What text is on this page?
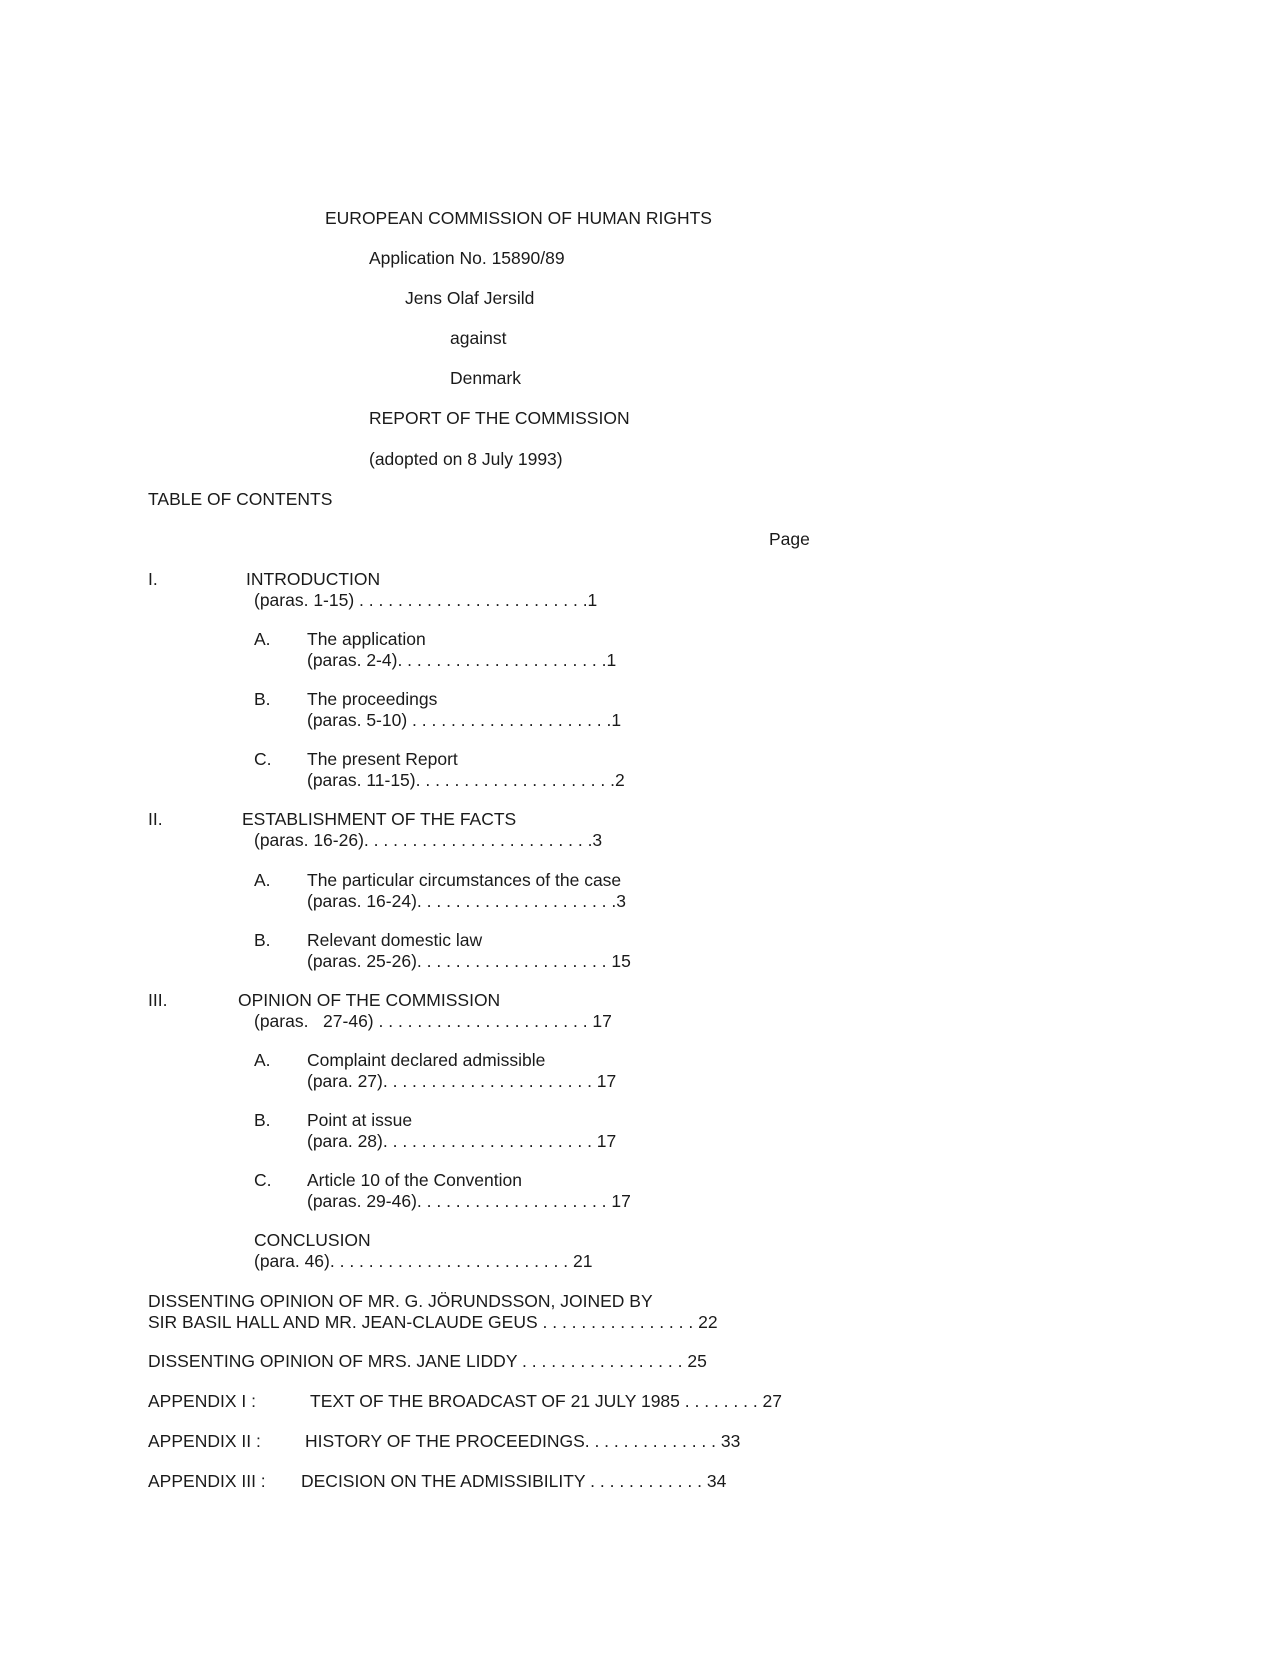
EUROPEAN COMMISSION OF HUMAN RIGHTS
Application No. 15890/89
Jens Olaf Jersild
against
Denmark
REPORT OF THE COMMISSION
(adopted on 8 July 1993)
TABLE OF CONTENTS
Page
I.	INTRODUCTION
(paras. 1-15) . . . . . . . . . . . . . . . . . . . . . . . .1
A. The application
(paras. 2-4). . . . . . . . . . . . . . . . . . . . . .1
B. The proceedings
(paras. 5-10) . . . . . . . . . . . . . . . . . . . . .1
C. The present Report
(paras. 11-15). . . . . . . . . . . . . . . . . . . . .2
II.	ESTABLISHMENT OF THE FACTS
(paras. 16-26). . . . . . . . . . . . . . . . . . . . . . . .3
A. The particular circumstances of the case
(paras. 16-24). . . . . . . . . . . . . . . . . . . . .3
B. Relevant domestic law
(paras. 25-26). . . . . . . . . . . . . . . . . . . . 15
III.	OPINION OF THE COMMISSION
(paras.   27-46) . . . . . . . . . . . . . . . . . . . . . . 17
A. Complaint declared admissible
(para. 27). . . . . . . . . . . . . . . . . . . . . . 17
B. Point at issue
(para. 28). . . . . . . . . . . . . . . . . . . . . . 17
C. Article 10 of the Convention
(paras. 29-46). . . . . . . . . . . . . . . . . . . . 17
CONCLUSION
(para. 46). . . . . . . . . . . . . . . . . . . . . . . . . 21
DISSENTING OPINION OF MR. G. JÖRUNDSSON, JOINED BY
SIR BASIL HALL AND MR. JEAN-CLAUDE GEUS . . . . . . . . . . . . . . . . 22
DISSENTING OPINION OF MRS. JANE LIDDY . . . . . . . . . . . . . . . . . 25
APPENDIX I :	TEXT OF THE BROADCAST OF 21 JULY 1985 . . . . . . . . 27
APPENDIX II :	HISTORY OF THE PROCEEDINGS. . . . . . . . . . . . . . 33
APPENDIX III : DECISION ON THE ADMISSIBILITY . . . . . . . . . . . . 34
